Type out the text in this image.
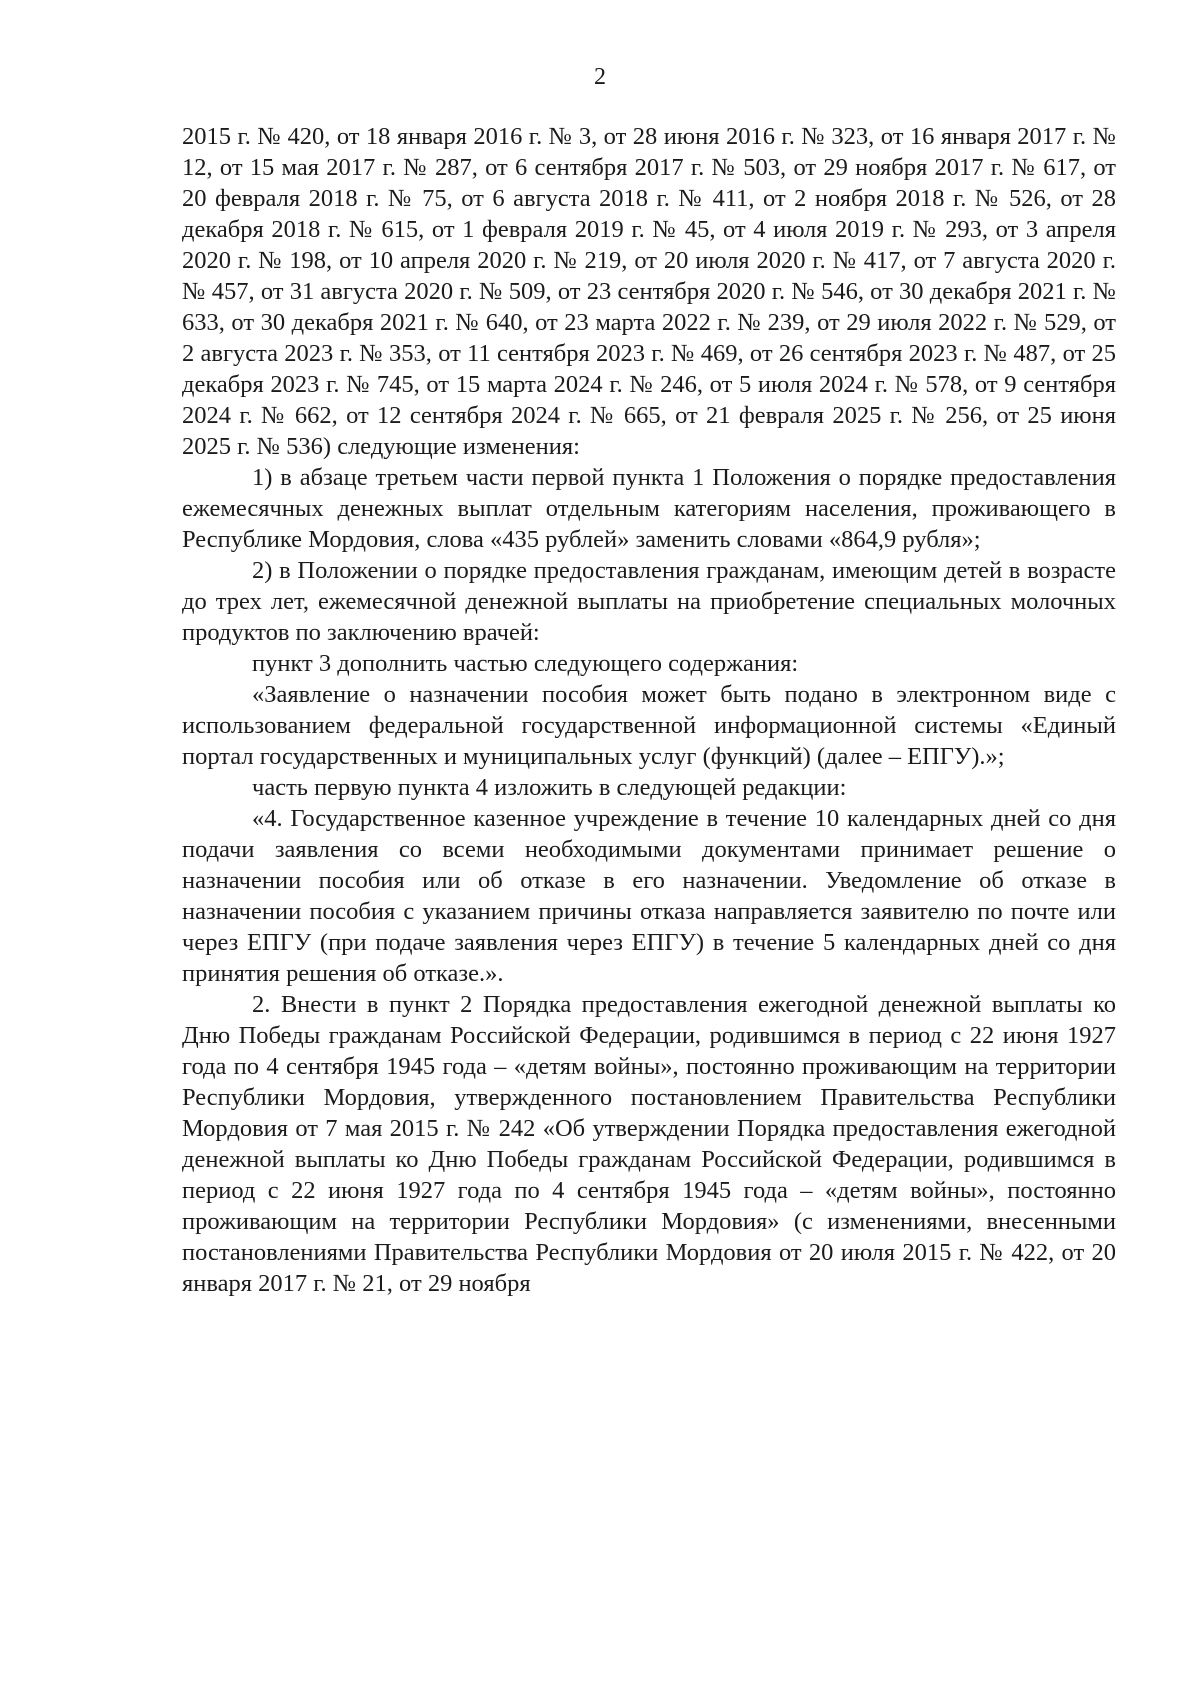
2

2015 г. № 420, от 18 января 2016 г. № 3, от 28 июня 2016 г. № 323, от 16 января 2017 г. № 12, от 15 мая 2017 г. № 287, от 6 сентября 2017 г. № 503, от 29 ноября 2017 г. № 617, от 20 февраля 2018 г. № 75, от 6 августа 2018 г. № 411, от 2 ноября 2018 г. № 526, от 28 декабря 2018 г. № 615, от 1 февраля 2019 г. № 45, от 4 июля 2019 г. № 293, от 3 апреля 2020 г. № 198, от 10 апреля 2020 г. № 219, от 20 июля 2020 г. № 417, от 7 августа 2020 г. № 457, от 31 августа 2020 г. № 509, от 23 сентября 2020 г. № 546, от 30 декабря 2021 г. № 633, от 30 декабря 2021 г. № 640, от 23 марта 2022 г. № 239, от 29 июля 2022 г. № 529, от 2 августа 2023 г. № 353, от 11 сентября 2023 г. № 469, от 26 сентября 2023 г. № 487, от 25 декабря 2023 г. № 745, от 15 марта 2024 г. № 246, от 5 июля 2024 г. № 578, от 9 сентября 2024 г. № 662, от 12 сентября 2024 г. № 665, от 21 февраля 2025 г. № 256, от 25 июня 2025 г. № 536) следующие изменения:

1) в абзаце третьем части первой пункта 1 Положения о порядке предоставления ежемесячных денежных выплат отдельным категориям населения, проживающего в Республике Мордовия, слова «435 рублей» заменить словами «864,9 рубля»;

2) в Положении о порядке предоставления гражданам, имеющим детей в возрасте до трех лет, ежемесячной денежной выплаты на приобретение специальных молочных продуктов по заключению врачей:

пункт 3 дополнить частью следующего содержания:

«Заявление о назначении пособия может быть подано в электронном виде с использованием федеральной государственной информационной системы «Единый портал государственных и муниципальных услуг (функций) (далее – ЕПГУ).»;

часть первую пункта 4 изложить в следующей редакции:

«4. Государственное казенное учреждение в течение 10 календарных дней со дня подачи заявления со всеми необходимыми документами принимает решение о назначении пособия или об отказе в его назначении. Уведомление об отказе в назначении пособия с указанием причины отказа направляется заявителю по почте или через ЕПГУ (при подаче заявления через ЕПГУ) в течение 5 календарных дней со дня принятия решения об отказе.».

2. Внести в пункт 2 Порядка предоставления ежегодной денежной выплаты ко Дню Победы гражданам Российской Федерации, родившимся в период с 22 июня 1927 года по 4 сентября 1945 года – «детям войны», постоянно проживающим на территории Республики Мордовия, утвержденного постановлением Правительства Республики Мордовия от 7 мая 2015 г. № 242 «Об утверждении Порядка предоставления ежегодной денежной выплаты ко Дню Победы гражданам Российской Федерации, родившимся в период с 22 июня 1927 года по 4 сентября 1945 года – «детям войны», постоянно проживающим на территории Республики Мордовия» (с изменениями, внесенными постановлениями Правительства Республики Мордовия от 20 июля 2015 г. № 422, от 20 января 2017 г. № 21, от 29 ноября
